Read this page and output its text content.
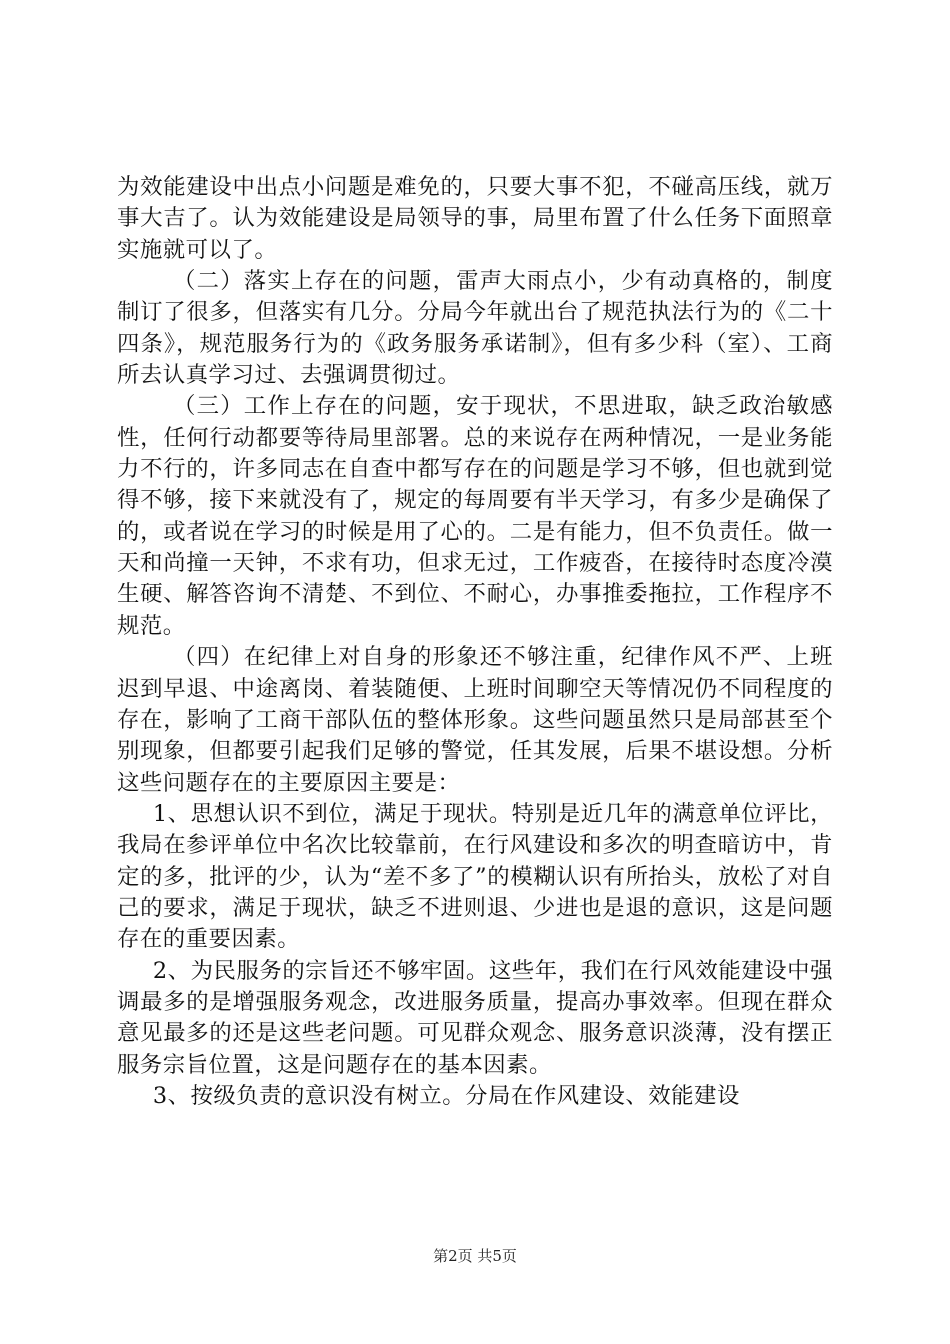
为效能建设中出点小问题是难免的，只要大事不犯，不碰高压线，就万事大吉了。认为效能建设是局领导的事，局里布置了什么任务下面照章实施就可以了。

（二）落实上存在的问题，雷声大雨点小，少有动真格的，制度制订了很多，但落实有几分。分局今年就出台了规范执法行为的《二十四条》，规范服务行为的《政务服务承诺制》，但有多少科（室）、工商所去认真学习过、去强调贯彻过。

（三）工作上存在的问题，安于现状，不思进取，缺乏政治敏感性，任何行动都要等待局里部署。总的来说存在两种情况，一是业务能力不行的，许多同志在自查中都写存在的问题是学习不够，但也就到觉得不够，接下来就没有了，规定的每周要有半天学习，有多少是确保了的，或者说在学习的时候是用了心的。二是有能力，但不负责任。做一天和尚撞一天钟，不求有功，但求无过，工作疲沓，在接待时态度冷漠生硬、解答咨询不清楚、不到位、不耐心，办事推委拖拉，工作程序不规范。

（四）在纪律上对自身的形象还不够注重，纪律作风不严、上班迟到早退、中途离岗、着装随便、上班时间聊空天等情况仍不同程度的存在，影响了工商干部队伍的整体形象。这些问题虽然只是局部甚至个别现象，但都要引起我们足够的警觉，任其发展，后果不堪设想。分析这些问题存在的主要原因主要是：

1、思想认识不到位，满足于现状。特别是近几年的满意单位评比，我局在参评单位中名次比较靠前，在行风建设和多次的明查暗访中，肯定的多，批评的少，认为“差不多了”的模糊认识有所抬头，放松了对自己的要求，满足于现状，缺乏不进则退、少进也是退的意识，这是问题存在的重要因素。

2、为民服务的宗旨还不够牢固。这些年，我们在行风效能建设中强调最多的是增强服务观念，改进服务质量，提高办事效率。但现在群众意见最多的还是这些老问题。可见群众观念、服务意识淡薄，没有摆正服务宗旨位置，这是问题存在的基本因素。

3、按级负责的意识没有树立。分局在作风建设、效能建设

第2页 共5页
